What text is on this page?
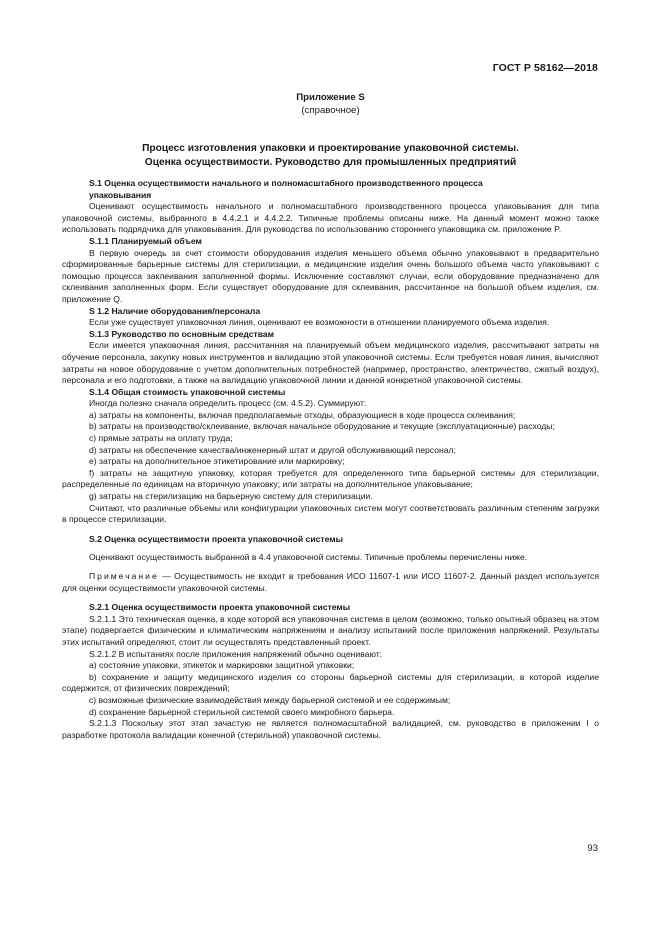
ГОСТ Р 58162—2018
Приложение S
(справочное)
Процесс изготовления упаковки и проектирование упаковочной системы.
Оценка осуществимости. Руководство для промышленных предприятий

S.1 Оценка осуществимости начального и полномасштабного производственного процесса
упаковывания

Оценивают осуществимость начального и полномасштабного производственного процесса упаковывания для типа упаковочной системы, выбранного в 4.4.2.1 и 4.4.2.2. Типичные проблемы описаны ниже. На данный момент можно также использовать подрядчика для упаковывания. Для руководства по использованию стороннего упаковщика см. приложение P.

S.1.1 Планируемый объем

В первую очередь за счет стоимости оборудования изделия меньшего объема обычно упаковывают в предварительно сформированные барьерные системы для стерилизации, а медицинские изделия очень большого объема часто упаковывают с помощью процесса заклеивания заполненной формы. Исключение составляют случаи, если оборудование предназначено для склеивания заполненных форм. Если существует оборудование для склеивания, рассчитанное на большой объем изделия, см. приложение Q.

S 1.2 Наличие оборудования/персонала

Если уже существует упаковочная линия, оценивают ее возможности в отношении планируемого объема изделия.

S.1.3 Руководство по основным средствам

Если имеется упаковочная линия, рассчитанная на планируемый объем медицинского изделия, рассчитывают затраты на обучение персонала, закупку новых инструментов и валидацию этой упаковочной системы. Если требуется новая линия, вычисляют затраты на новое оборудование с учетом дополнительных потребностей (например, пространство, электричество, сжатый воздух), персонала и его подготовки, а также на валидацию упаковочной линии и данной конкретной упаковочной системы.

S.1.4 Общая стоимость упаковочной системы

Иногда полезно сначала определить процесс (см. 4.5.2). Суммируют:

a) затраты на компоненты, включая предполагаемые отходы, образующиеся в ходе процесса склеивания;

b) затраты на производство/склеивание, включая начальное оборудование и текущие (эксплуатационные) расходы;

c) прямые затраты на оплату труда;

d) затраты на обеспечение качества/инженерный штат и другой обслуживающий персонал;

e) затраты на дополнительное этикетирование или маркировку;

f) затраты на защитную упаковку, которая требуется для определенного типа барьерной системы для стерилизации, распределенные по единицам на вторичную упаковку; или затраты на дополнительное упаковывание;

g) затраты на стерилизацию на барьерную систему для стерилизации.

Считают, что различные объемы или конфигурации упаковочных систем могут соответствовать различным степеням загрузки в процессе стерилизации.

S.2 Оценка осуществимости проекта упаковочной системы

Оценивают осуществимость выбранной в 4.4 упаковочной системы. Типичные проблемы перечислены ниже.

Примечание — Осуществимость не входит в требования ИСО 11607-1 или ИСО 11607-2. Данный раздел используется для оценки осуществимости упаковочной системы.

S.2.1 Оценка осуществимости проекта упаковочной системы

S.2.1.1 Это техническая оценка, в ходе которой вся упаковочная система в целом (возможно, только опытный образец на этом этапе) подвергается физическим и климатическим напряжениям и анализу испытаний после приложения напряжений. Результаты этих испытаний определяют, стоит ли осуществлять представленный проект.

S.2.1.2 В испытаниях после приложения напряжений обычно оценивают:

a) состояние упаковки, этикеток и маркировки защитной упаковки;

b) сохранение и защиту медицинского изделия со стороны барьерной системы для стерилизации, в которой изделие содержится, от физических повреждений;

c) возможные физические взаимодействия между барьерной системой и ее содержимым;

d) сохранение барьерной стерильной системой своего микробного барьера.

S.2.1.3 Поскольку этот этап зачастую не является полномасштабной валидацией, см. руководство в приложении I о разработке протокола валидации конечной (стерильной) упаковочной системы.

93
